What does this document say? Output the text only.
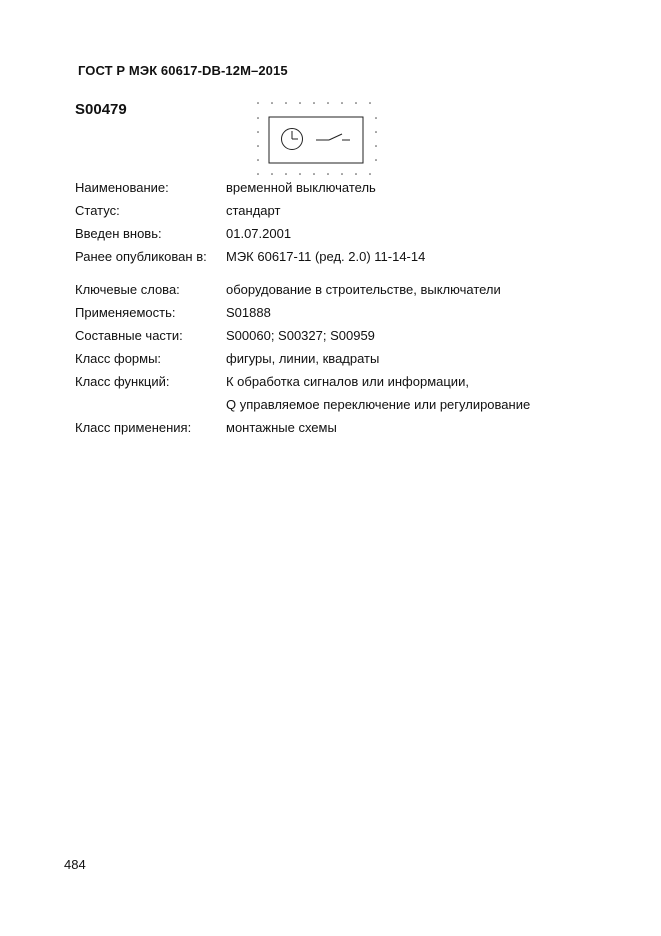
ГОСТ Р МЭК 60617-DB-12M–2015
S00479
Наименование:	временной выключатель
Статус:	стандарт
Введен вновь:	01.07.2001
Ранее опубликован в: МЭК 60617-11 (ред. 2.0) 11-14-14
Ключевые слова:	оборудование в строительстве, выключатели
Применяемость:	S01888
Составные части:	S00060; S00327; S00959
Класс формы:	фигуры, линии, квадраты
Класс функций:	К обработка сигналов или информации,
Q управляемое переключение или регулирование
Класс применения:	монтажные схемы
484
